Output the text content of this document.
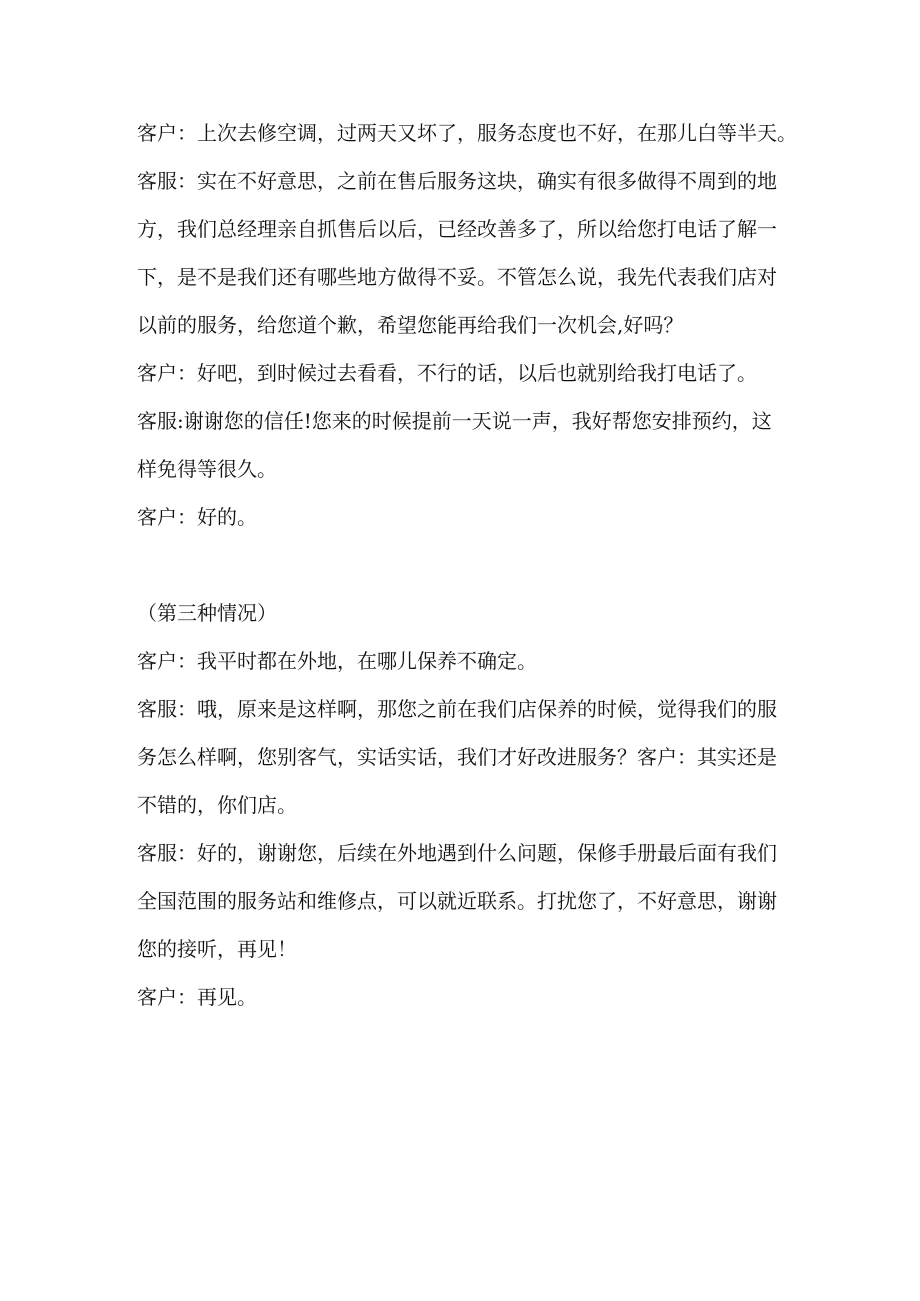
客户：上次去修空调，过两天又坏了，服务态度也不好，在那儿白等半天。

客服：实在不好意思，之前在售后服务这块，确实有很多做得不周到的地

方，我们总经理亲自抓售后以后，已经改善多了，所以给您打电话了解一

下，是不是我们还有哪些地方做得不妥。不管怎么说，我先代表我们店对

以前的服务，给您道个歉，希望您能再给我们一次机会,好吗？

客户：好吧，到时候过去看看，不行的话，以后也就别给我打电话了。

客服:谢谢您的信任!您来的时候提前一天说一声，我好帮您安排预约，这

样免得等很久。

客户：好的。

（第三种情况）

客户：我平时都在外地，在哪儿保养不确定。

客服：哦，原来是这样啊，那您之前在我们店保养的时候，觉得我们的服

务怎么样啊，您别客气，实话实话，我们才好改进服务？客户：其实还是

不错的，你们店。

客服：好的，谢谢您，后续在外地遇到什么问题，保修手册最后面有我们

全国范围的服务站和维修点，可以就近联系。打扰您了，不好意思，谢谢

您的接听，再见！

客户：再见。
